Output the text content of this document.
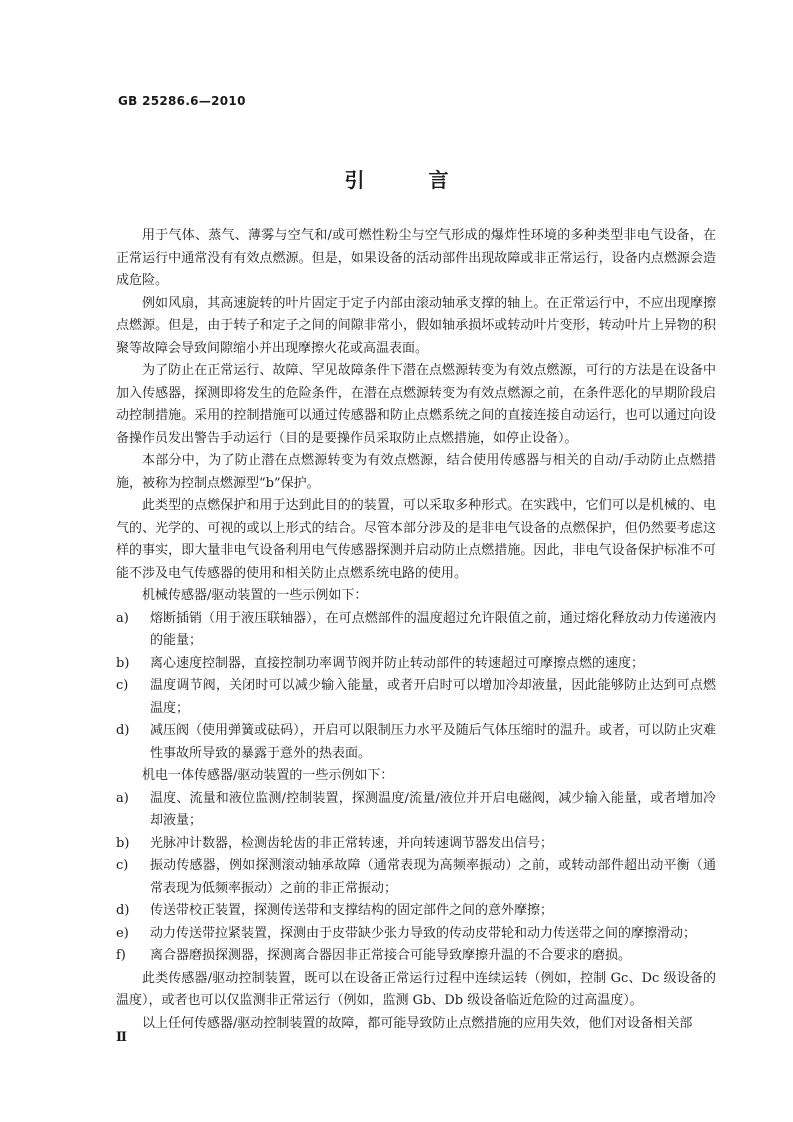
GB 25286.6—2010
引　言

用于气体、蒸气、薄雾与空气和/或可燃性粉尘与空气形成的爆炸性环境的多种类型非电气设备，在正常运行中通常没有有效点燃源。但是，如果设备的活动部件出现故障或非正常运行，设备内点燃源会造成危险。

例如风扇，其高速旋转的叶片固定于定子内部由滚动轴承支撑的轴上。在正常运行中，不应出现摩擦点燃源。但是，由于转子和定子之间的间隙非常小，假如轴承损坏或转动叶片变形，转动叶片上异物的积聚等故障会导致间隙缩小并出现摩擦火花或高温表面。

为了防止在正常运行、故障、罕见故障条件下潜在点燃源转变为有效点燃源，可行的方法是在设备中加入传感器，探测即将发生的危险条件，在潜在点燃源转变为有效点燃源之前，在条件恶化的早期阶段启动控制措施。采用的控制措施可以通过传感器和防止点燃系统之间的直接连接自动运行，也可以通过向设备操作员发出警告手动运行（目的是要操作员采取防止点燃措施，如停止设备）。

本部分中，为了防止潜在点燃源转变为有效点燃源，结合使用传感器与相关的自动/手动防止点燃措施，被称为控制点燃源型“b”保护。

此类型的点燃保护和用于达到此目的的装置，可以采取多种形式。在实践中，它们可以是机械的、电气的、光学的、可视的或以上形式的结合。尽管本部分涉及的是非电气设备的点燃保护，但仍然要考虑这样的事实，即大量非电气设备利用电气传感器探测并启动防止点燃措施。因此，非电气设备保护标准不可能不涉及电气传感器的使用和相关防止点燃系统电路的使用。

机械传感器/驱动装置的一些示例如下：

a)	熔断插销（用于液压联轴器），在可点燃部件的温度超过允许限值之前，通过熔化释放动力传递液内的能量；

b)	离心速度控制器，直接控制功率调节阀并防止转动部件的转速超过可摩擦点燃的速度；

c)	温度调节阀，关闭时可以减少输入能量，或者开启时可以增加冷却液量，因此能够防止达到可点燃温度；

d)	减压阀（使用弹簧或砝码），开启可以限制压力水平及随后气体压缩时的温升。或者，可以防止灾难性事故所导致的暴露于意外的热表面。

机电一体传感器/驱动装置的一些示例如下：

a)	温度、流量和液位监测/控制装置，探测温度/流量/液位并开启电磁阀，减少输入能量，或者增加冷却液量；

b)	光脉冲计数器，检测齿轮齿的非正常转速，并向转速调节器发出信号；

c)	振动传感器，例如探测滚动轴承故障（通常表现为高频率振动）之前，或转动部件超出动平衡（通常表现为低频率振动）之前的非正常振动；

d)	传送带校正装置，探测传送带和支撑结构的固定部件之间的意外摩擦；

e)	动力传送带拉紧装置，探测由于皮带缺少张力导致的传动皮带轮和动力传送带之间的摩擦滑动；

f)	离合器磨损探测器，探测离合器因非正常接合可能导致摩擦升温的不合要求的磨损。

此类传感器/驱动控制装置，既可以在设备正常运行过程中连续运转（例如，控制 Gc、Dc 级设备的温度），或者也可以仅监测非正常运行（例如，监测 Gb、Db 级设备临近危险的过高温度）。

以上任何传感器/驱动控制装置的故障，都可能导致防止点燃措施的应用失效，他们对设备相关部

Ⅱ
